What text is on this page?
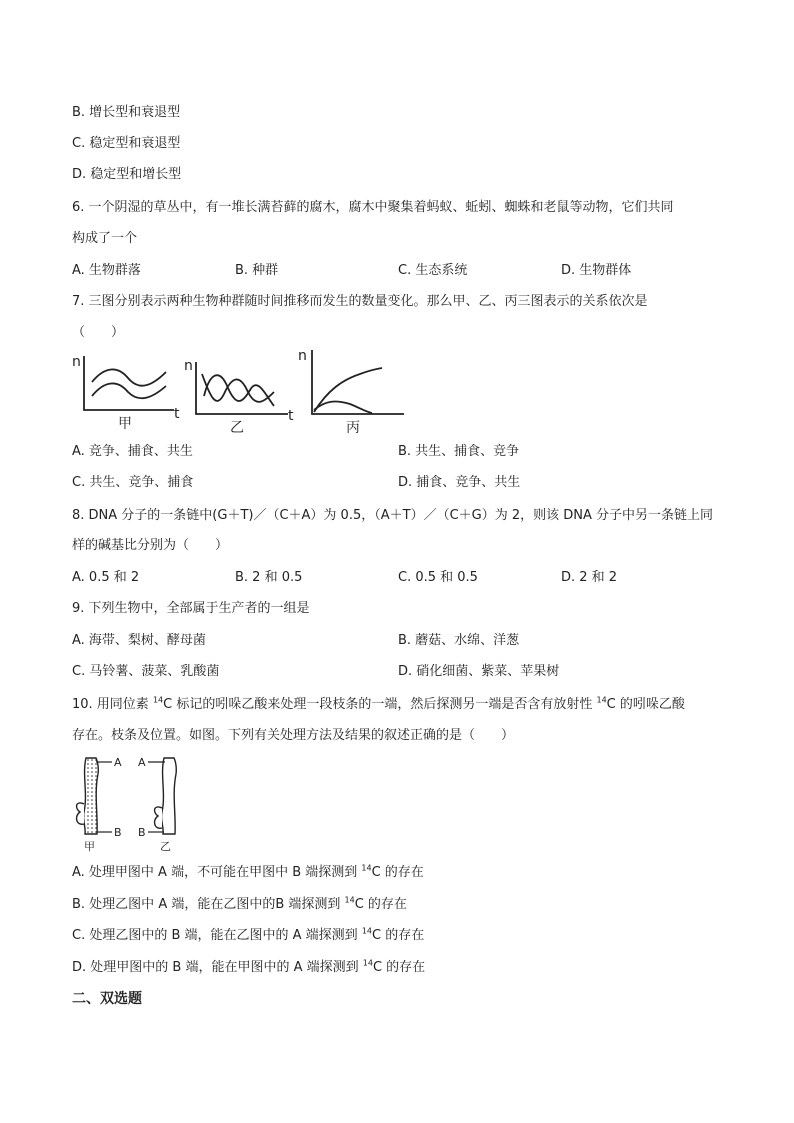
B. 增长型和衰退型
C. 稳定型和衰退型
D. 稳定型和增长型
6. 一个阴湿的草丛中，有一堆长满苔藓的腐木，腐木中聚集着蚂蚁、蚯蚓、蜘蛛和老鼠等动物，它们共同
构成了一个
A. 生物群落	B. 种群	C. 生态系统	D. 生物群体
7. 三图分别表示两种生物种群随时间推移而发生的数量变化。那么甲、乙、丙三图表示的关系依次是
（　　）
n
t
甲
n
t
乙
n
丙
A. 竞争、捕食、共生	B. 共生、捕食、竞争
C. 共生、竞争、捕食	D. 捕食、竞争、共生
8. DNA 分子的一条链中(G＋T)／（C＋A）为 0.5，（A＋T）／（C＋G）为 2，则该 DNA 分子中另一条链上同
样的碱基比分别为（　　）
A. 0.5 和 2	B. 2 和 0.5	C. 0.5 和 0.5	D. 2 和 2
9. 下列生物中，全部属于生产者的一组是
A. 海带、梨树、酵母菌	B. 蘑菇、水绵、洋葱
C. 马铃薯、菠菜、乳酸菌	D. 硝化细菌、紫菜、苹果树
10. 用同位素 $^{14}$C 标记的吲哚乙酸来处理一段枝条的一端，然后探测另一端是否含有放射性 $^{14}$C 的吲哚乙酸
存在。枝条及位置。如图。下列有关处理方法及结果的叙述正确的是（　　）
A A
B B
甲	乙
A. 处理甲图中 A 端，不可能在甲图中 B 端探测到 $^{14}$C 的存在
B. 处理乙图中 A 端，能在乙图中的B 端探测到 $^{14}$C 的存在
C. 处理乙图中的 B 端，能在乙图中的 A 端探测到 $^{14}$C 的存在
D. 处理甲图中的 B 端，能在甲图中的 A 端探测到 $^{14}$C 的存在
二、双选题
